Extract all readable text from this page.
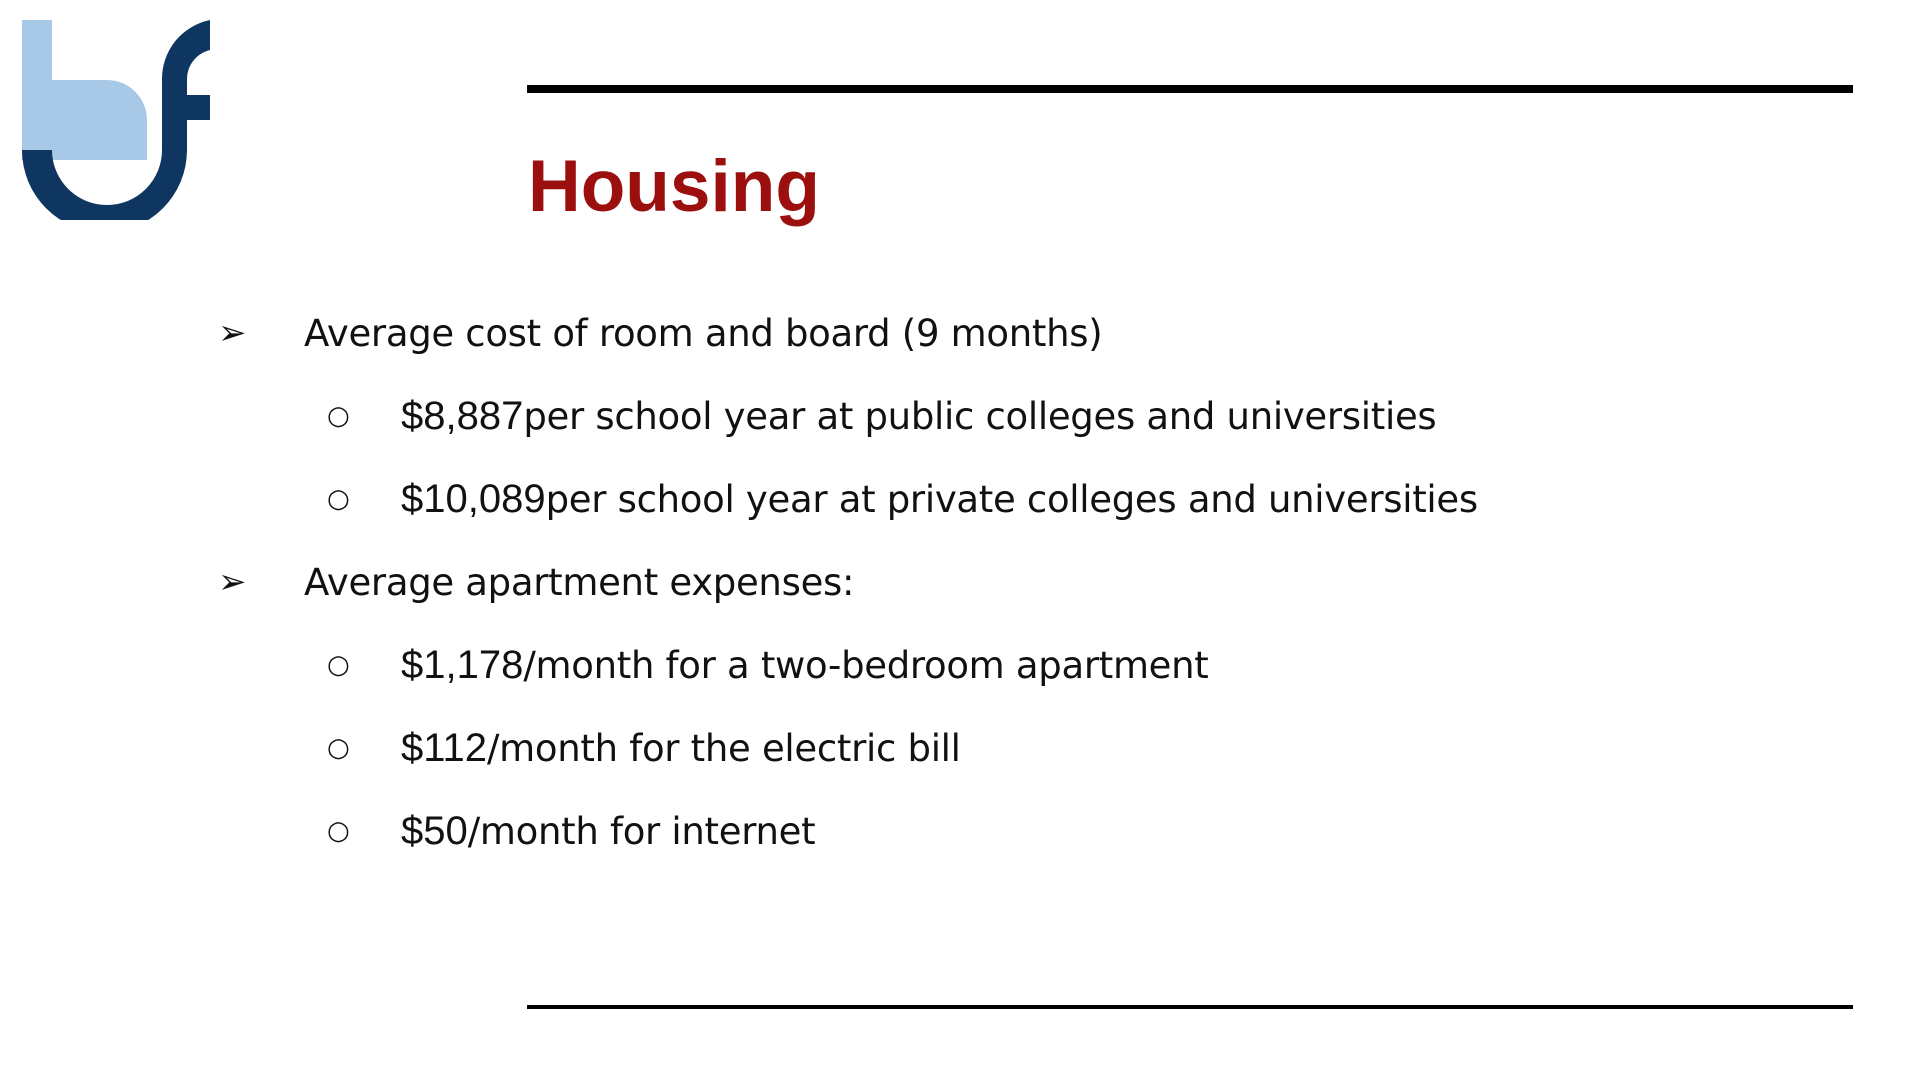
Housing
➢	Average cost of room and board (9 months)
○	$8,887 per school year at public colleges and universities
○	$10,089 per school year at private colleges and universities
➢	Average apartment expenses:
○	$1,178 /month for a two-bedroom apartment
○	$112 /month for the electric bill
○	$50 /month for internet
